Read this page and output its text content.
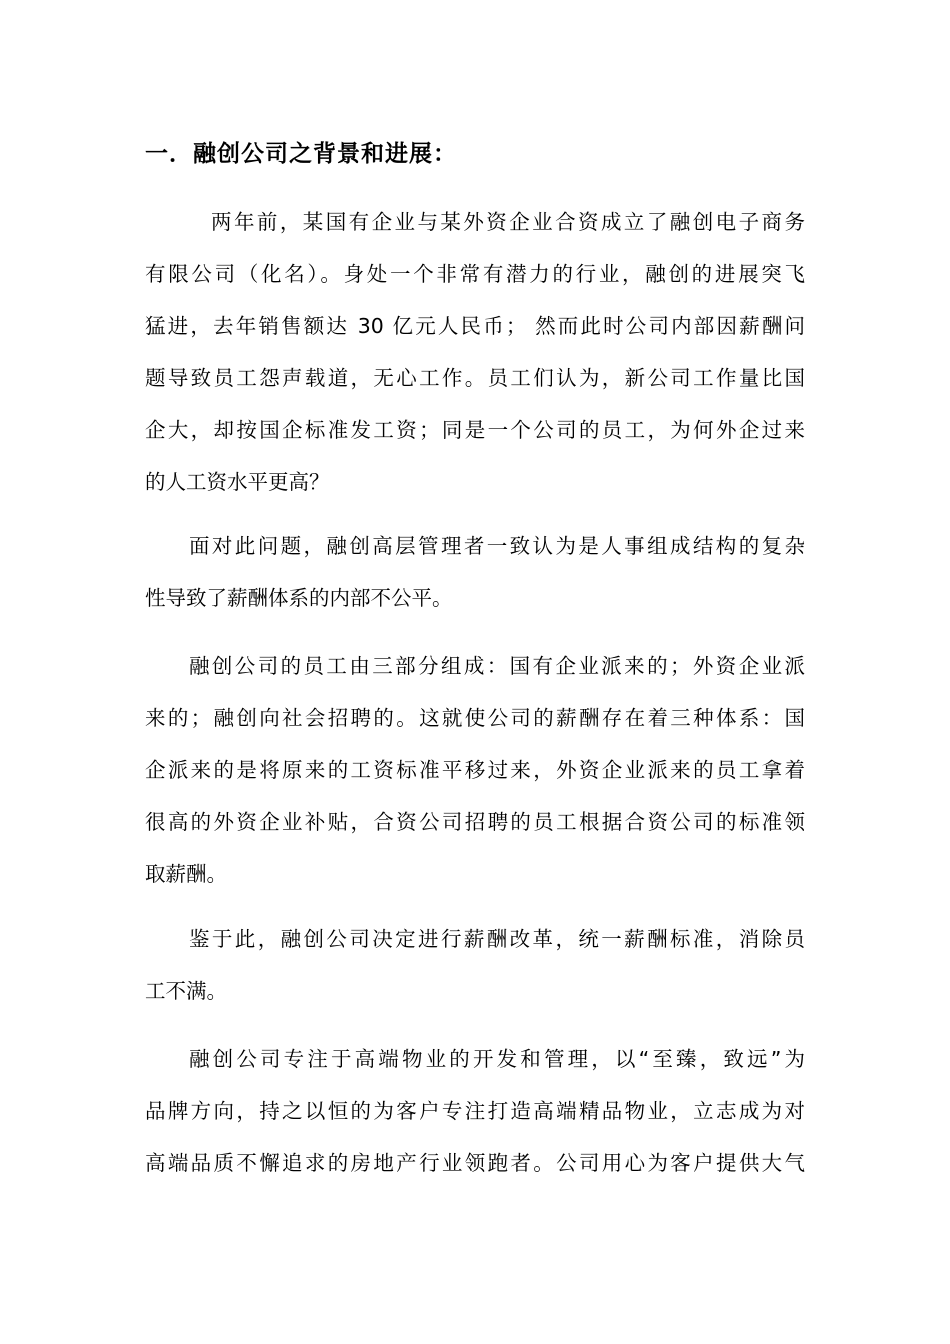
一．融创公司之背景和进展：
两年前，某国有企业与某外资企业合资成立了融创电子商务
有限公司（化名）。身处一个非常有潜力的行业，融创的进展突飞
猛进，去年销售额达 30 亿元人民币； 然而此时公司内部因薪酬问
题导致员工怨声载道，无心工作。员工们认为，新公司工作量比国
企大，却按国企标准发工资；同是一个公司的员工，为何外企过来
的人工资水平更高？
面对此问题，融创高层管理者一致认为是人事组成结构的复杂
性导致了薪酬体系的内部不公平。
融创公司的员工由三部分组成：国有企业派来的；外资企业派
来的；融创向社会招聘的。这就使公司的薪酬存在着三种体系：国
企派来的是将原来的工资标准平移过来，外资企业派来的员工拿着
很高的外资企业补贴，合资公司招聘的员工根据合资公司的标准领
取薪酬。
鉴于此，融创公司决定进行薪酬改革，统一薪酬标准，消除员
工不满。
融创公司专注于高端物业的开发和管理，以“至臻，致远”为
品牌方向，持之以恒的为客户专注打造高端精品物业，立志成为对
高端品质不懈追求的房地产行业领跑者。公司用心为客户提供大气
